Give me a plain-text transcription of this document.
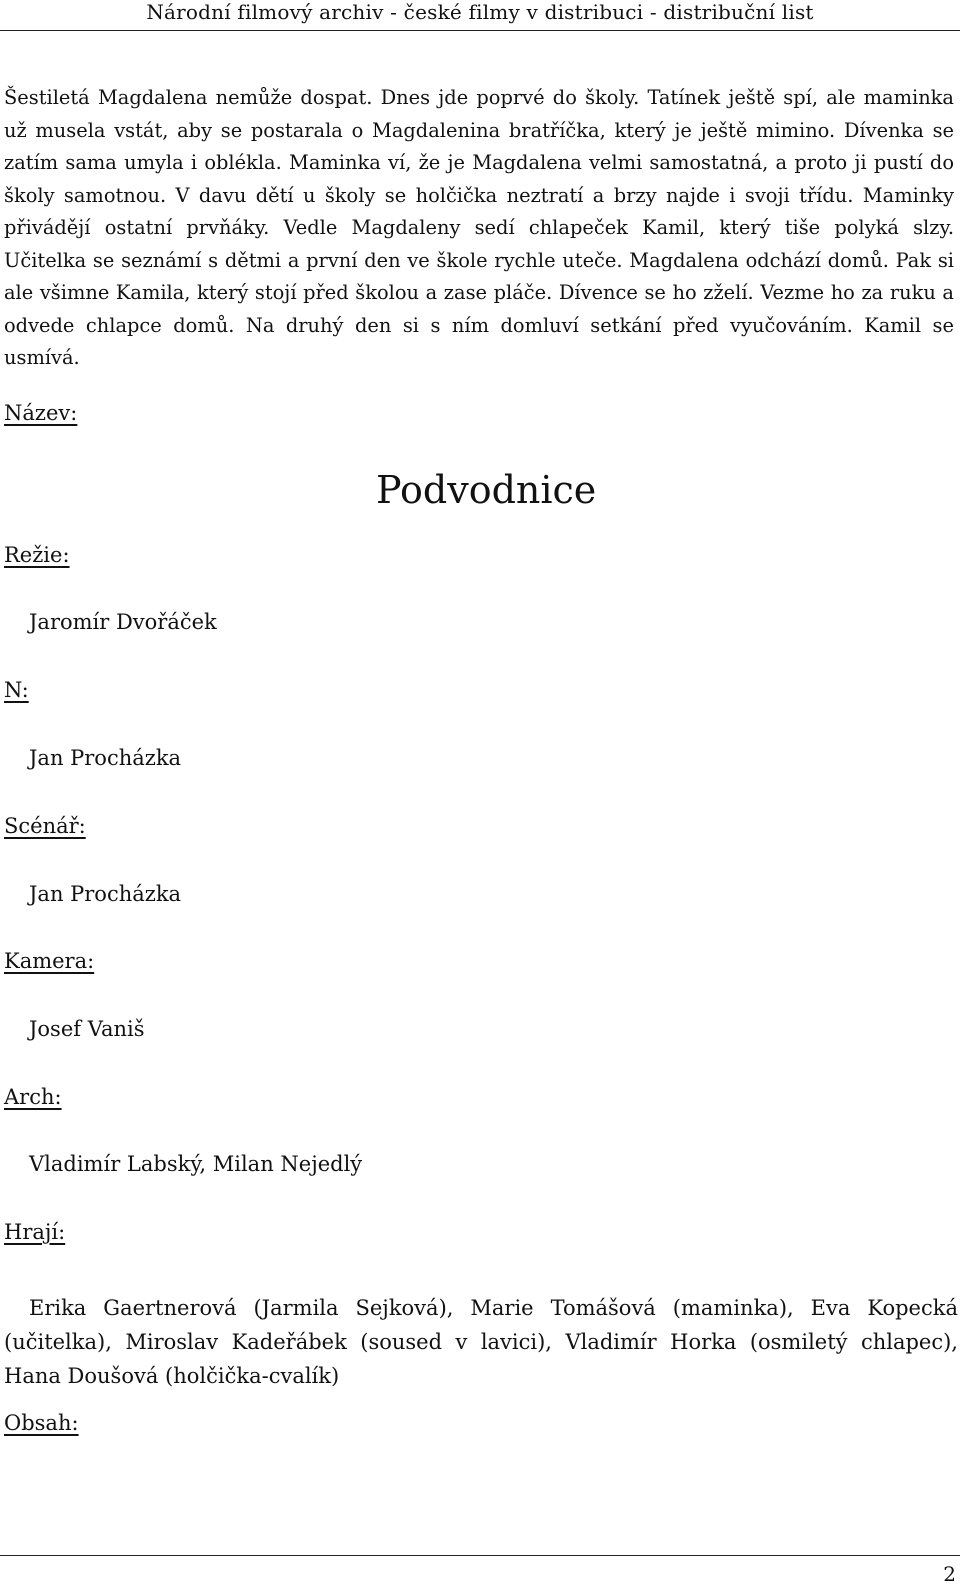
Národní filmový archiv - české filmy v distribuci - distribuční list

Šestiletá Magdalena nemůže dospat. Dnes jde poprvé do školy. Tatínek ještě spí, ale maminka už musela vstát, aby se postarala o Magdalenina bratříčka, který je ještě mimino. Dívenka se zatím sama umyla i oblékla. Maminka ví, že je Magdalena velmi samostatná, a proto ji pustí do školy samotnou. V davu dětí u školy se holčička neztratí a brzy najde i svoji třídu. Maminky přivádějí ostatní prvňáky. Vedle Magdaleny sedí chlapeček Kamil, který tiše polyká slzy. Učitelka se seznámí s dětmi a první den ve škole rychle uteče. Magdalena odchází domů. Pak si ale všimne Kamila, který stojí před školou a zase pláče. Dívence se ho zželí. Vezme ho za ruku a odvede chlapce domů. Na druhý den si s ním domluví setkání před vyučováním. Kamil se usmívá.

Název:

Podvodnice

Režie:

Jaromír Dvořáček

N:

Jan Procházka

Scénář:

Jan Procházka

Kamera:

Josef Vaniš

Arch:

Vladimír Labský, Milan Nejedlý

Hrají:

Erika Gaertnerová (Jarmila Sejková), Marie Tomášová (maminka), Eva Kopecká (učitelka), Miroslav Kadeřábek (soused v lavici), Vladimír Horka (osmiletý chlapec), Hana Doušová (holčička-cvalík)

Obsah:

2
